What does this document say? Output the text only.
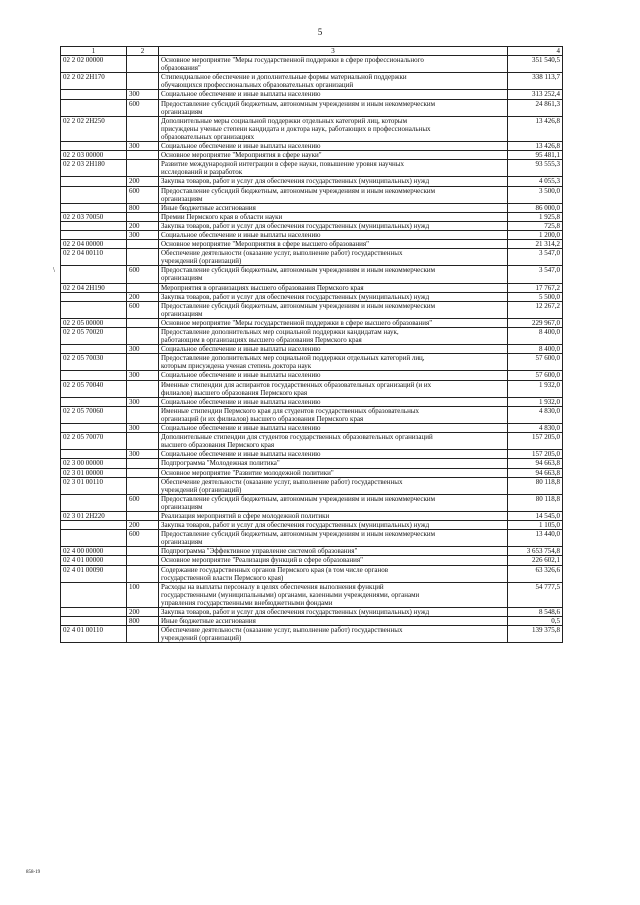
5
\
1	2	3	4
02 2 02 00000		Основное мероприятие "Меры государственной поддержки в сфере профессионального
образования"	351 540,5
02 2 02 2H170		Стипендиальное обеспечение и дополнительные формы материальной поддержки
обучающихся профессиональных образовательных организаций	338 113,7
	300	Социальное обеспечение и иные выплаты населению	313 252,4
	600	Предоставление субсидий бюджетным, автономным учреждениям и иным некоммерческим
организациям	24 861,3
02 2 02 2H250		Дополнительные меры социальной поддержки отдельных категорий лиц, которым
присуждены ученые степени кандидата и доктора наук, работающих в профессиональных
образовательных организациях	13 426,8
	300	Социальное обеспечение и иные выплаты населению	13 426,8
02 2 03 00000		Основное мероприятие "Мероприятия в сфере науки"	95 481,1
02 2 03 2H180		Развитие международной интеграции в сфере науки, повышение уровня научных
исследований и разработок	93 555,3
	200	Закупка товаров, работ и услуг для обеспечения государственных (муниципальных) нужд	4 055,3
	600	Предоставление субсидий бюджетным, автономным учреждениям и иным некоммерческим
организациям	3 500,0
	800	Иные бюджетные ассигнования	86 000,0
02 2 03 70050		Премии Пермского края в области науки	1 925,8
	200	Закупка товаров, работ и услуг для обеспечения государственных (муниципальных) нужд	725,8
	300	Социальное обеспечение и иные выплаты населению	1 200,0
02 2 04 00000		Основное мероприятие "Мероприятия в сфере высшего образования"	21 314,2
02 2 04 00110		Обеспечение деятельности (оказание услуг, выполнение работ) государственных
учреждений (организаций)	3 547,0
	600	Предоставление субсидий бюджетным, автономным учреждениям и иным некоммерческим
организациям	3 547,0
02 2 04 2H190		Мероприятия в организациях высшего образования Пермского края	17 767,2
	200	Закупка товаров, работ и услуг для обеспечения государственных (муниципальных) нужд	5 500,0
	600	Предоставление субсидий бюджетным, автономным учреждениям и иным некоммерческим
организациям	12 267,2
02 2 05 00000		Основное мероприятие "Меры государственной поддержки в сфере высшего образования"	229 967,0
02 2 05 70020		Предоставление дополнительных мер социальной поддержки кандидатам наук,
работающим в организациях высшего образования Пермского края	8 400,0
	300	Социальное обеспечение и иные выплаты населению	8 400,0
02 2 05 70030		Предоставление дополнительных мер социальной поддержки отдельных категорий лиц,
которым присуждена ученая степень доктора наук	57 600,0
	300	Социальное обеспечение и иные выплаты населению	57 600,0
02 2 05 70040		Именные стипендии для аспирантов государственных образовательных организаций (и их
филиалов) высшего образования Пермского края	1 932,0
	300	Социальное обеспечение и иные выплаты населению	1 932,0
02 2 05 70060		Именные стипендии Пермского края для студентов государственных образовательных
организаций (и их филиалов) высшего образования Пермского края	4 830,0
	300	Социальное обеспечение и иные выплаты населению	4 830,0
02 2 05 70070		Дополнительные стипендии для студентов государственных образовательных организаций
высшего образования Пермского края	157 205,0
	300	Социальное обеспечение и иные выплаты населению	157 205,0
02 3 00 00000		Подпрограмма "Молодежная политика"	94 663,8
02 3 01 00000		Основное мероприятие "Развитие молодежной политики"	94 663,8
02 3 01 00110		Обеспечение деятельности (оказание услуг, выполнение работ) государственных
учреждений (организаций)	80 118,8
	600	Предоставление субсидий бюджетным, автономным учреждениям и иным некоммерческим
организациям	80 118,8
02 3 01 2H220		Реализация мероприятий в сфере молодежной политики	14 545,0
	200	Закупка товаров, работ и услуг для обеспечения государственных (муниципальных) нужд	1 105,0
	600	Предоставление субсидий бюджетным, автономным учреждениям и иным некоммерческим
организациям	13 440,0
02 4 00 00000		Подпрограмма "Эффективное управление системой образования"	3 653 754,8
02 4 01 00000		Основное мероприятие "Реализация функций в сфере образования"	226 602,1
02 4 01 00090		Содержание государственных органов Пермского края (в том числе органов
государственной власти Пермского края)	63 326,6
	100	Расходы на выплаты персоналу в целях обеспечения выполнения функций
государственными (муниципальными) органами, казенными учреждениями, органами
управления государственными внебюджетными фондами	54 777,5
	200	Закупка товаров, работ и услуг для обеспечения государственных (муниципальных) нужд	8 548,6
	800	Иные бюджетные ассигнования	0,5
02 4 01 00110		Обеспечение деятельности (оказание услуг, выполнение работ) государственных
учреждений (организаций)	139 375,8
858-19
